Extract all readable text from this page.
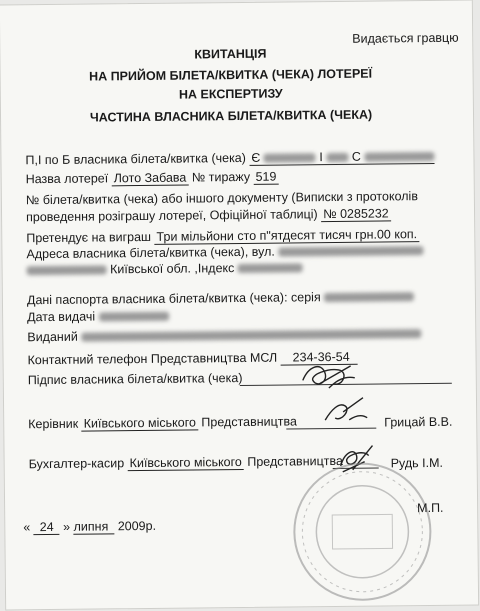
Видається гравцю
КВИТАНЦІЯ
НА ПРИЙОМ БІЛЕТА/КВИТКА (ЧЕКА) ЛОТЕРЕЇ
НА ЕКСПЕРТИЗУ
ЧАСТИНА ВЛАСНИКА БІЛЕТА/КВИТКА (ЧЕКА)
П,І по Б власника білета/квитка (чека) Є	І С
Назва лотереї Лото Забава № тиражу 519
№ білета/квитка (чека) або іншого документу (Виписки з протоколів
проведення розіграшу лотереї, Офіційної таблиці) № 0285232
Претендує на виграш Три мільйони сто п"ятдесят тисяч грн.00 коп.
Адреса власника білета/квитка (чека), вул.
Київської обл. ,Індекс
Дані паспорта власника білета/квитка (чека): серія
Дата видачі
Виданий
Контактний телефон Представництва МСЛ 234-36-54
Підпис власника білета/квитка (чека)
Керівник Київського міського Представництва	Грицай В.В.
Бухгалтер-касир Київського міського Представництва	Рудь І.М.
М.П.
« 24 » липня 2009р.
